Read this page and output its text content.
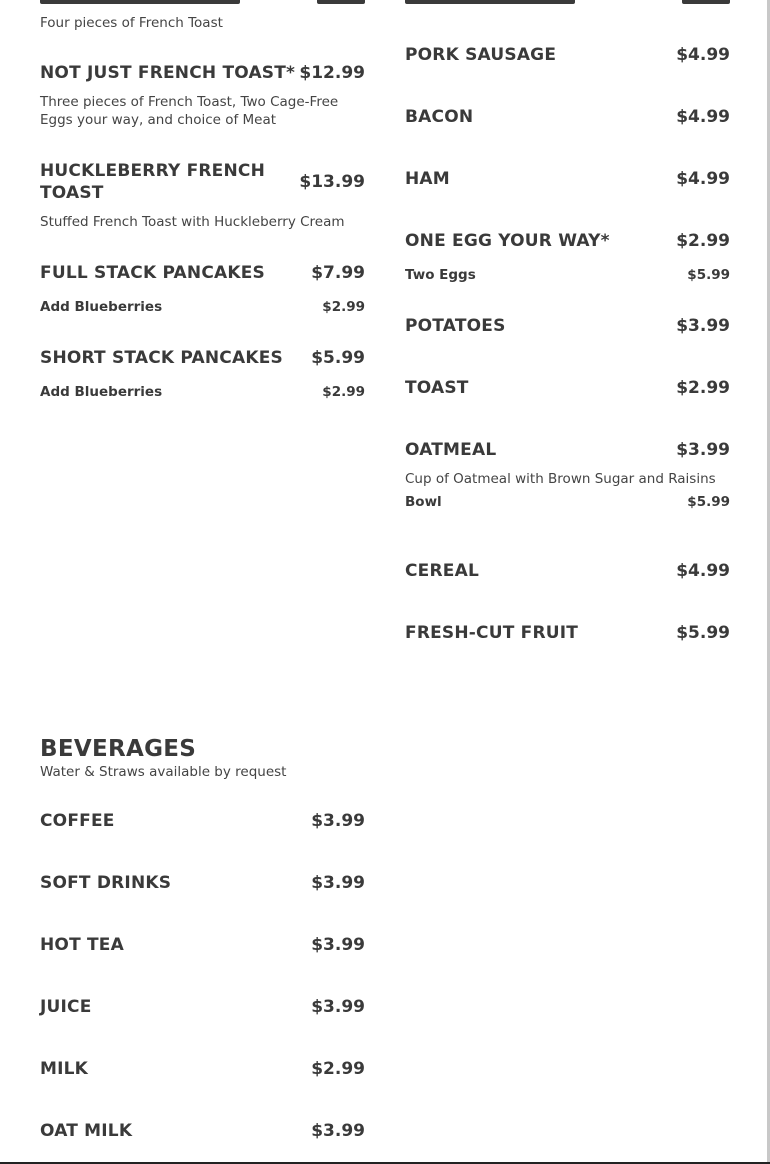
Four pieces of French Toast
NOT JUST FRENCH TOAST* $12.99
Three pieces of French Toast, Two Cage-Free Eggs your way, and choice of Meat
HUCKLEBERRY FRENCH TOAST
$13.99
Stuffed French Toast with Huckleberry Cream
FULL STACK PANCAKES	$7.99
Add Blueberries	$2.99
SHORT STACK PANCAKES $5.99
Add Blueberries	$2.99
BEVERAGES
Water & Straws available by request
COFFEE	$3.99
SOFT DRINKS	$3.99
HOT TEA	$3.99
JUICE	$3.99
MILK	$2.99
OAT MILK	$3.99
PORK SAUSAGE	$4.99
BACON	$4.99
HAM	$4.99
ONE EGG YOUR WAY*	$2.99
Two Eggs	$5.99
POTATOES	$3.99
TOAST	$2.99
OATMEAL	$3.99
Cup of Oatmeal with Brown Sugar and Raisins
Bowl	$5.99
CEREAL	$4.99
FRESH-CUT FRUIT	$5.99
